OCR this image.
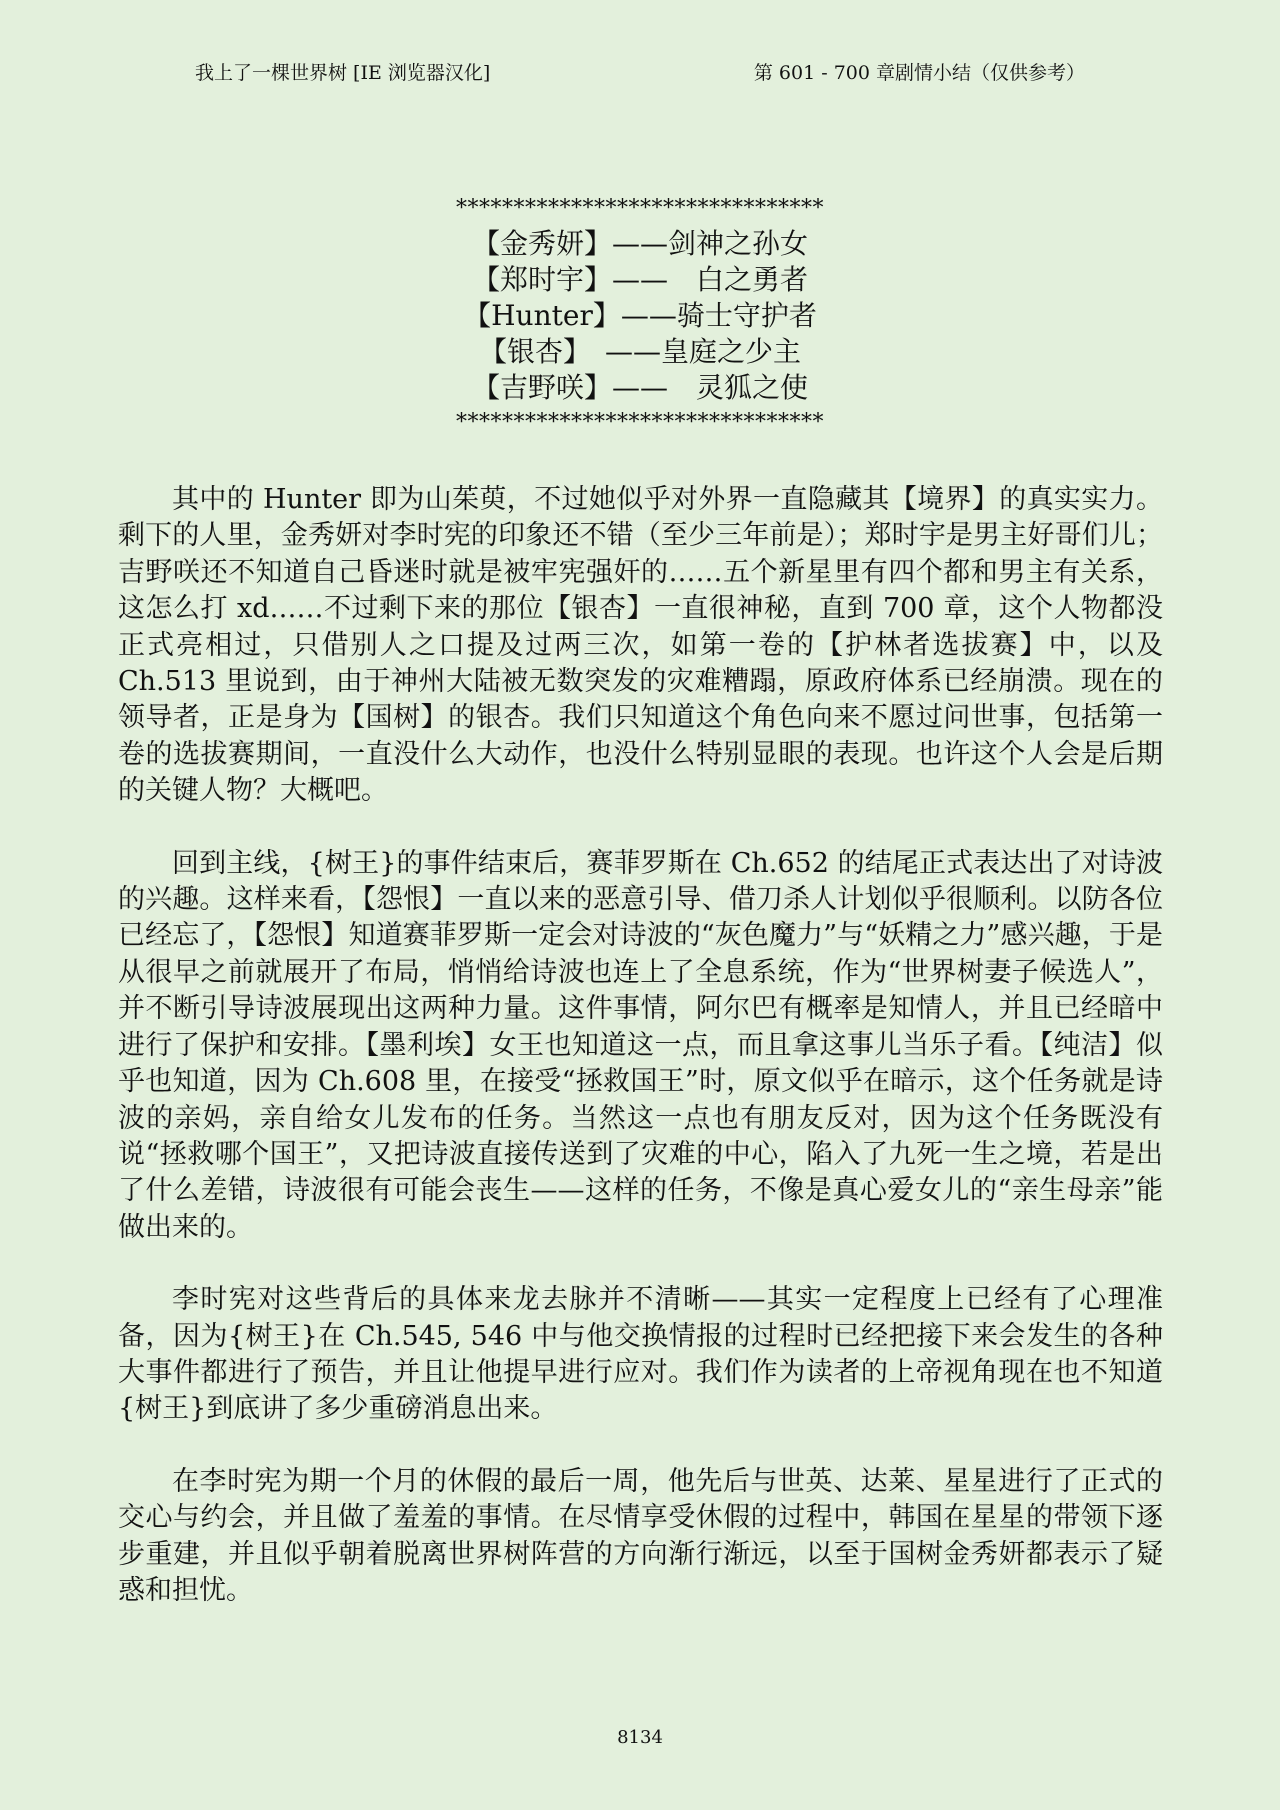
我上了一棵世界树 [IE 浏览器汉化]	第 601 - 700 章剧情小结（仅供参考）
********************************
【金秀妍】——剑神之孙女
【郑时宇】——　白之勇者
【Hunter】——骑士守护者
【银杏】　——皇庭之少主
【吉野咲】——　灵狐之使
********************************

其中的 Hunter 即为山茱萸，不过她似乎对外界一直隐藏其【境界】的真实实力。剩下的人里，金秀妍对李时宪的印象还不错（至少三年前是）；郑时宇是男主好哥们儿；吉野咲还不知道自己昏迷时就是被牢宪强奸的……五个新星里有四个都和男主有关系，这怎么打 xd……不过剩下来的那位【银杏】一直很神秘，直到 700 章，这个人物都没正式亮相过，只借别人之口提及过两三次，如第一卷的【护林者选拔赛】中，以及 Ch.513 里说到，由于神州大陆被无数突发的灾难糟蹋，原政府体系已经崩溃。现在的领导者，正是身为【国树】的银杏。我们只知道这个角色向来不愿过问世事，包括第一卷的选拔赛期间，一直没什么大动作，也没什么特别显眼的表现。也许这个人会是后期的关键人物？大概吧。

回到主线，{树王}的事件结束后，赛菲罗斯在 Ch.652 的结尾正式表达出了对诗波的兴趣。这样来看，【怨恨】一直以来的恶意引导、借刀杀人计划似乎很顺利。以防各位已经忘了，【怨恨】知道赛菲罗斯一定会对诗波的“灰色魔力”与“妖精之力”感兴趣，于是从很早之前就展开了布局，悄悄给诗波也连上了全息系统，作为“世界树妻子候选人”，并不断引导诗波展现出这两种力量。这件事情，阿尔巴有概率是知情人，并且已经暗中进行了保护和安排。【墨利埃】女王也知道这一点，而且拿这事儿当乐子看。【纯洁】似乎也知道，因为 Ch.608 里，在接受“拯救国王”时，原文似乎在暗示，这个任务就是诗波的亲妈，亲自给女儿发布的任务。当然这一点也有朋友反对，因为这个任务既没有说“拯救哪个国王”，又把诗波直接传送到了灾难的中心，陷入了九死一生之境，若是出了什么差错，诗波很有可能会丧生——这样的任务，不像是真心爱女儿的“亲生母亲”能做出来的。

李时宪对这些背后的具体来龙去脉并不清晰——其实一定程度上已经有了心理准备，因为{树王}在 Ch.545, 546 中与他交换情报的过程时已经把接下来会发生的各种大事件都进行了预告，并且让他提早进行应对。我们作为读者的上帝视角现在也不知道{树王}到底讲了多少重磅消息出来。

在李时宪为期一个月的休假的最后一周，他先后与世英、达莱、星星进行了正式的交心与约会，并且做了羞羞的事情。在尽情享受休假的过程中，韩国在星星的带领下逐步重建，并且似乎朝着脱离世界树阵营的方向渐行渐远，以至于国树金秀妍都表示了疑惑和担忧。

8134
